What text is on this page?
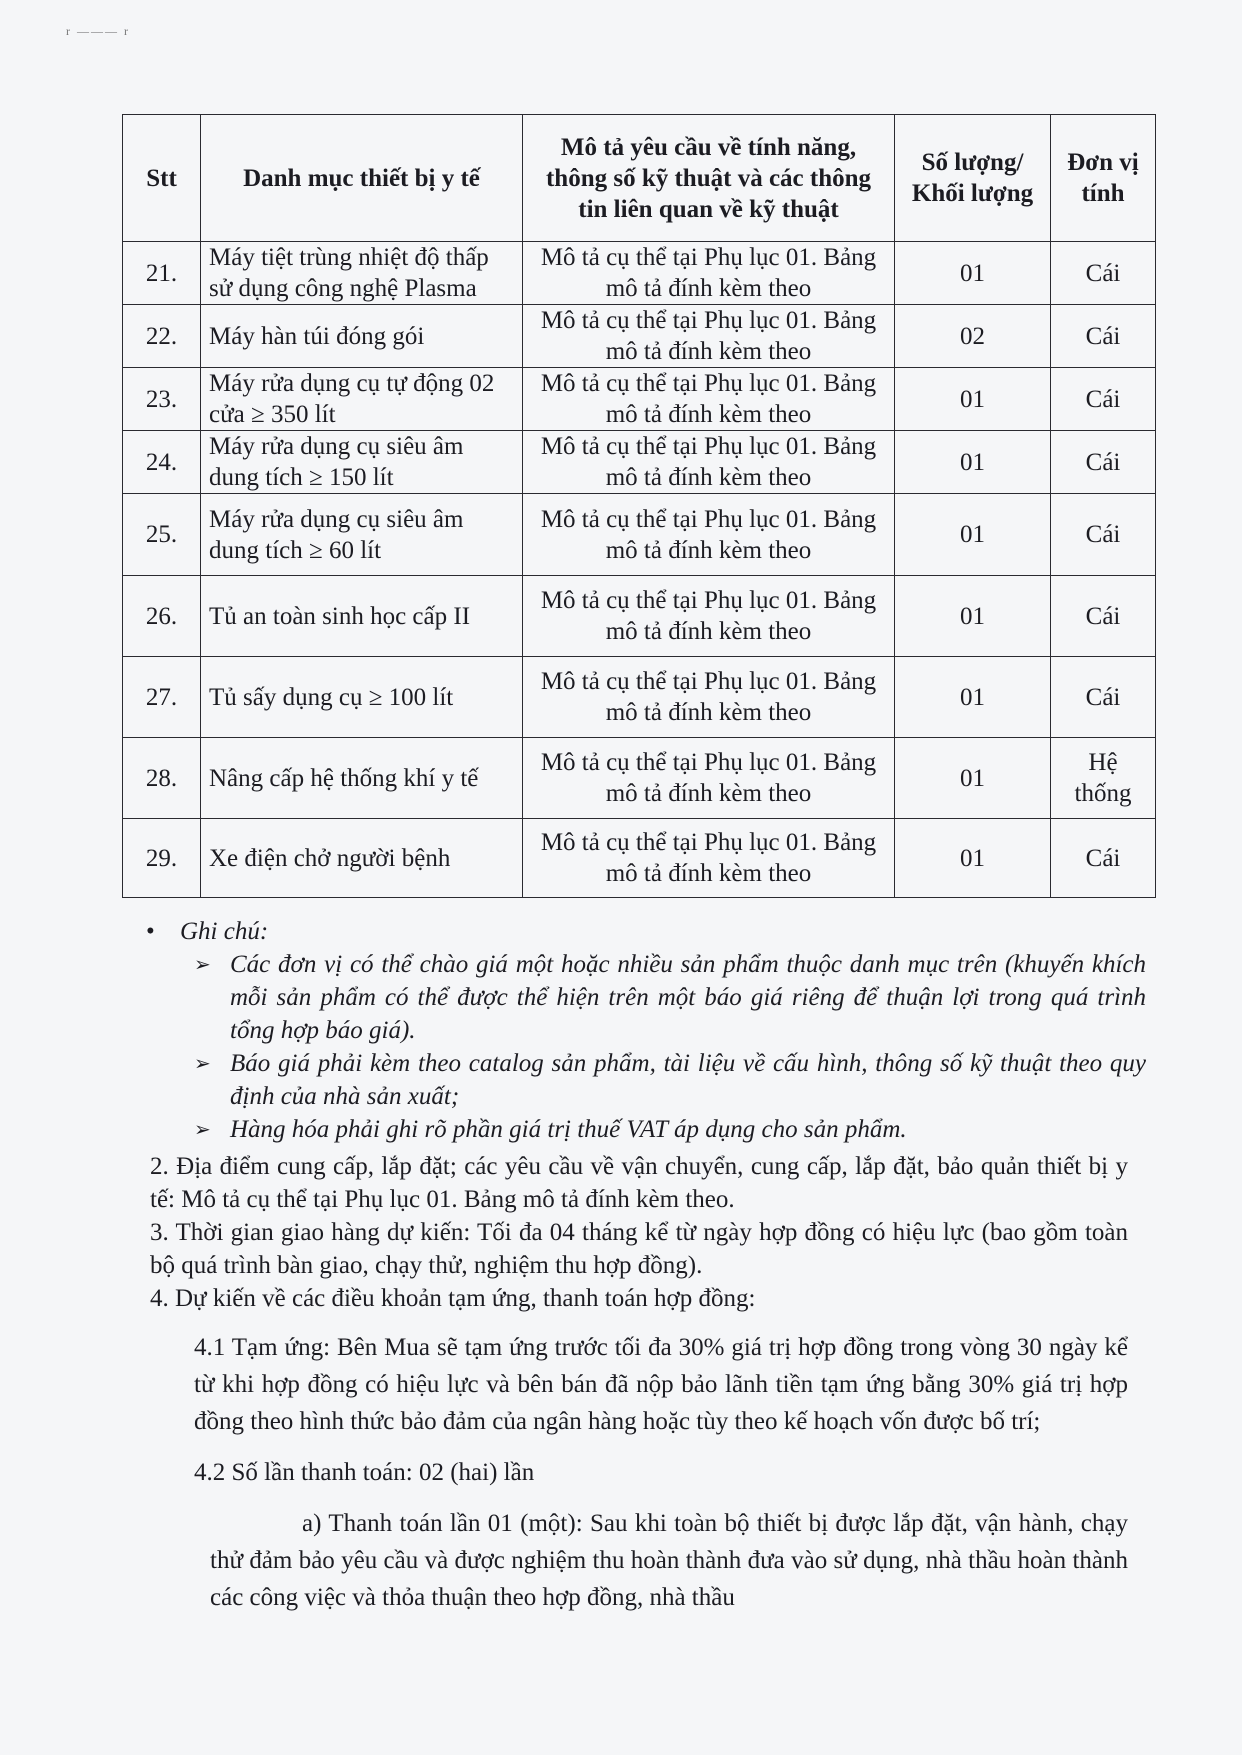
r ——— r
Stt	Danh mục thiết bị y tế	Mô tả yêu cầu về tính năng, thông số kỹ thuật và các thông tin liên quan về kỹ thuật	Số lượng/ Khối lượng	Đơn vị tính
21.	Máy tiệt trùng nhiệt độ thấp sử dụng công nghệ Plasma	Mô tả cụ thể tại Phụ lục 01. Bảng mô tả đính kèm theo	01	Cái
22.	Máy hàn túi đóng gói	Mô tả cụ thể tại Phụ lục 01. Bảng mô tả đính kèm theo	02	Cái
23.	Máy rửa dụng cụ tự động 02 cửa ≥ 350 lít	Mô tả cụ thể tại Phụ lục 01. Bảng mô tả đính kèm theo	01	Cái
24.	Máy rửa dụng cụ siêu âm dung tích ≥ 150 lít	Mô tả cụ thể tại Phụ lục 01. Bảng mô tả đính kèm theo	01	Cái
25.	Máy rửa dụng cụ siêu âm dung tích ≥ 60 lít	Mô tả cụ thể tại Phụ lục 01. Bảng mô tả đính kèm theo	01	Cái
26.	Tủ an toàn sinh học cấp II	Mô tả cụ thể tại Phụ lục 01. Bảng mô tả đính kèm theo	01	Cái
27.	Tủ sấy dụng cụ ≥ 100 lít	Mô tả cụ thể tại Phụ lục 01. Bảng mô tả đính kèm theo	01	Cái
28.	Nâng cấp hệ thống khí y tế	Mô tả cụ thể tại Phụ lục 01. Bảng mô tả đính kèm theo	01	Hệ thống
29.	Xe điện chở người bệnh	Mô tả cụ thể tại Phụ lục 01. Bảng mô tả đính kèm theo	01	Cái
•	Ghi chú:
➢ Các đơn vị có thể chào giá một hoặc nhiều sản phẩm thuộc danh mục trên (khuyến khích mỗi sản phẩm có thể được thể hiện trên một báo giá riêng để thuận lợi trong quá trình tổng hợp báo giá).
➢ Báo giá phải kèm theo catalog sản phẩm, tài liệu về cấu hình, thông số kỹ thuật theo quy định của nhà sản xuất;
➢ Hàng hóa phải ghi rõ phần giá trị thuế VAT áp dụng cho sản phẩm.

2. Địa điểm cung cấp, lắp đặt; các yêu cầu về vận chuyển, cung cấp, lắp đặt, bảo quản thiết bị y tế: Mô tả cụ thể tại Phụ lục 01. Bảng mô tả đính kèm theo.

3. Thời gian giao hàng dự kiến: Tối đa 04 tháng kể từ ngày hợp đồng có hiệu lực (bao gồm toàn bộ quá trình bàn giao, chạy thử, nghiệm thu hợp đồng).

4. Dự kiến về các điều khoản tạm ứng, thanh toán hợp đồng:

4.1 Tạm ứng: Bên Mua sẽ tạm ứng trước tối đa 30% giá trị hợp đồng trong vòng 30 ngày kể từ khi hợp đồng có hiệu lực và bên bán đã nộp bảo lãnh tiền tạm ứng bằng 30% giá trị hợp đồng theo hình thức bảo đảm của ngân hàng hoặc tùy theo kế hoạch vốn được bố trí;

4.2 Số lần thanh toán: 02 (hai) lần

a) Thanh toán lần 01 (một): Sau khi toàn bộ thiết bị được lắp đặt, vận hành, chạy thử đảm bảo yêu cầu và được nghiệm thu hoàn thành đưa vào sử dụng, nhà thầu hoàn thành các công việc và thỏa thuận theo hợp đồng, nhà thầu
